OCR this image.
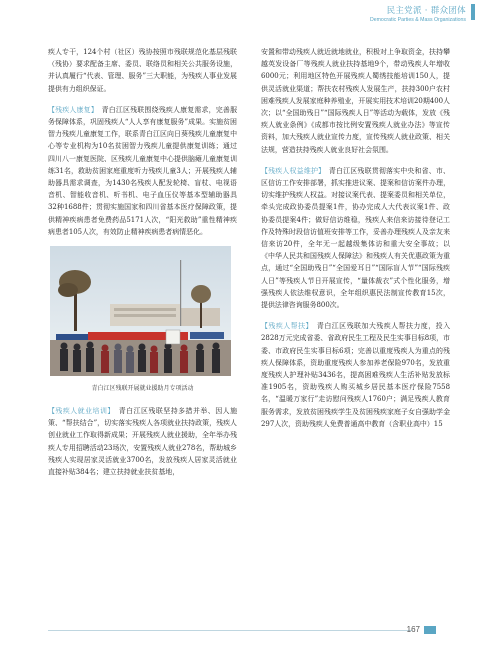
民主党派 · 群众团体
Democratic Parties & Mass Organizations

疾人专干，124个村（社区）残协按照市残联规范化基层残联（残协）要求配备主席、委员、联络员和相关公共服务设施，并认真履行“代表、管理、服务”三大职能，为残疾人事业发展提供有力组织保证。

【残疾人康复】　青白江区残联围绕残疾人康复需求，完善服务保障体系，巩固残疾人“人人享有康复服务”成果。实施贫困智力残疾儿童康复工作，联系青白江区向日葵残疾儿童康复中心等专业机构为10名贫困智力残疾儿童提供康复训练；通过四川八一康复医院、区残疾儿童康复中心提供脑瘫儿童康复训练31名，救助贫困家庭重度听力残疾儿童3人；开展残疾人辅助器具需求调查，为1430名残疾人配发轮椅、盲杖、电视语音机、智能收音机、听书机、电子血压仪等基本型辅助器具32种1688件；贯彻实施国家和四川省基本医疗保障政策，提供精神疾病患者免费药品5171人次，“阳光救助”重性精神疾病患者105人次，有效防止精神疾病患者病情恶化。

青白江区残联开展就业援助月专项活动

【残疾人就业培训】　青白江区残联坚持多措并举、因人施策、“帮扶结合”，切实落实残疾人各项就业扶持政策，残疾人创业就业工作取得新成果；开展残疾人就业援助，全年举办残疾人专用招聘活动23场次，安置残疾人就业278名，帮助城乡残疾人实现居家灵活就业3700名，发放残疾人居家灵活就业直接补贴384名；建立扶持就业扶贫基地，

安置和带动残疾人就近就地就业，积极对上争取资金，扶持攀越英发设备厂等残疾人就业扶持基地9个，带动残疾人年增收6000元；利用地区特色开展残疾人蜀绣技能培训150人，提供灵活就业渠道；帮扶农村残疾人发展生产，扶持300户农村困难残疾人发展家庭种养殖业，开展实用技术培训20期400人次；以“全国助残日”“国际残疾人日”等活动为载体，发放《残疾人就业条例》《成都市按比例安置残疾人就业办法》等宣传资料，加大残疾人就业宣传力度，宣传残疾人就业政策、相关法规，营造扶持残疾人就业良好社会氛围。

【残疾人权益维护】　青白江区残联贯彻落实中央和省、市、区信访工作安排部署，抓实推进议案、提案和信访案件办理，切实维护残疾人权益。对接议案代表、提案委员和相关单位，牵头完成政协委员提案1件，协办完成人大代表议案1件、政协委员提案4件；做好信访维稳，残疾人来信来访接待登记工作及特殊时段信访值班安排等工作，妥善办理残疾人及亲友来信来访20件，全年无一起越级集体访和重大安全事故；以《中华人民共和国残疾人保障法》和残疾人有关优惠政策为重点，通过“全国助残日”“全国爱耳日”“国际盲人节”“国际残疾人日”等残疾人节日开展宣传，“量体裁衣”式个性化服务，增强残疾人依法维权意识，全年组织惠民法制宣传教育15次，提供法律咨询服务800次。

【残疾人帮扶】　青白江区残联加大残疾人帮扶力度，投入2828万元完成省委、省政府民生工程及民生实事目标8项，市委、市政府民生实事目标6项；完善以重度残疾人为重点的残疾人保障体系，资助重度残疾人参加养老保险970名，发放重度残疾人护理补贴3436名，提高困难残疾人生活补贴发放标准1905名，资助残疾人购买城乡居民基本医疗保险7558名，“温暖万家行”走访慰问残疾人1760户；满足残疾人教育服务需求，发放贫困残疾学生及贫困残疾家庭子女自强助学金297人次，资助残疾人免费普通高中教育（含职业高中）15

167
